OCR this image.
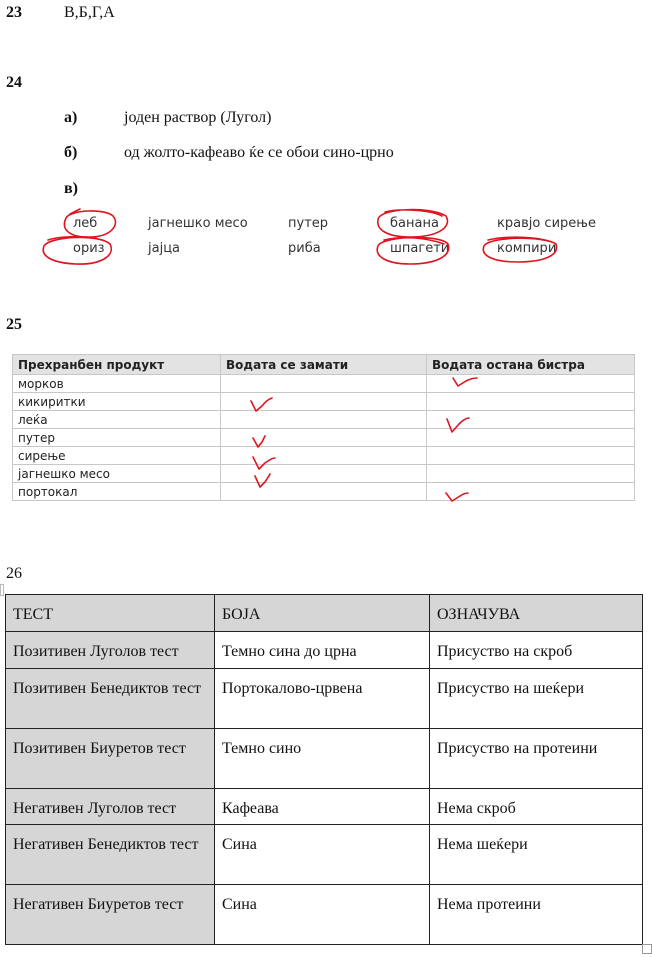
23	В,Б,Г,А
24
а)	јоден раствор (Лугол)
б)	од жолто-кафеаво ќе се обои сино-црно
в)
леб	јагнешко месо	путер	банана	кравјо сирење
ориз	јајца	риба	шпагети	компири
25
Прехранбен продукт	Водата се замати	Водата остана бистра
морков		
кикиритки		
леќа		
путер		
сирење		
јагнешко месо		
портокал		
26
ТЕСТ	БОЈА	ОЗНАЧУВА
Позитивен Луголов тест	Темно сина до црна	Присуство на скроб
Позитивен Бенедиктов тест	Портокалово-црвена	Присуство на шеќери
Позитивен Биуретов тест	Темно сино	Присуство на протеини
Негативен Луголов тест	Кафеава	Нема скроб
Негативен Бенедиктов тест	Сина	Нема шеќери
Негативен Биуретов тест	Сина	Нема протеини
